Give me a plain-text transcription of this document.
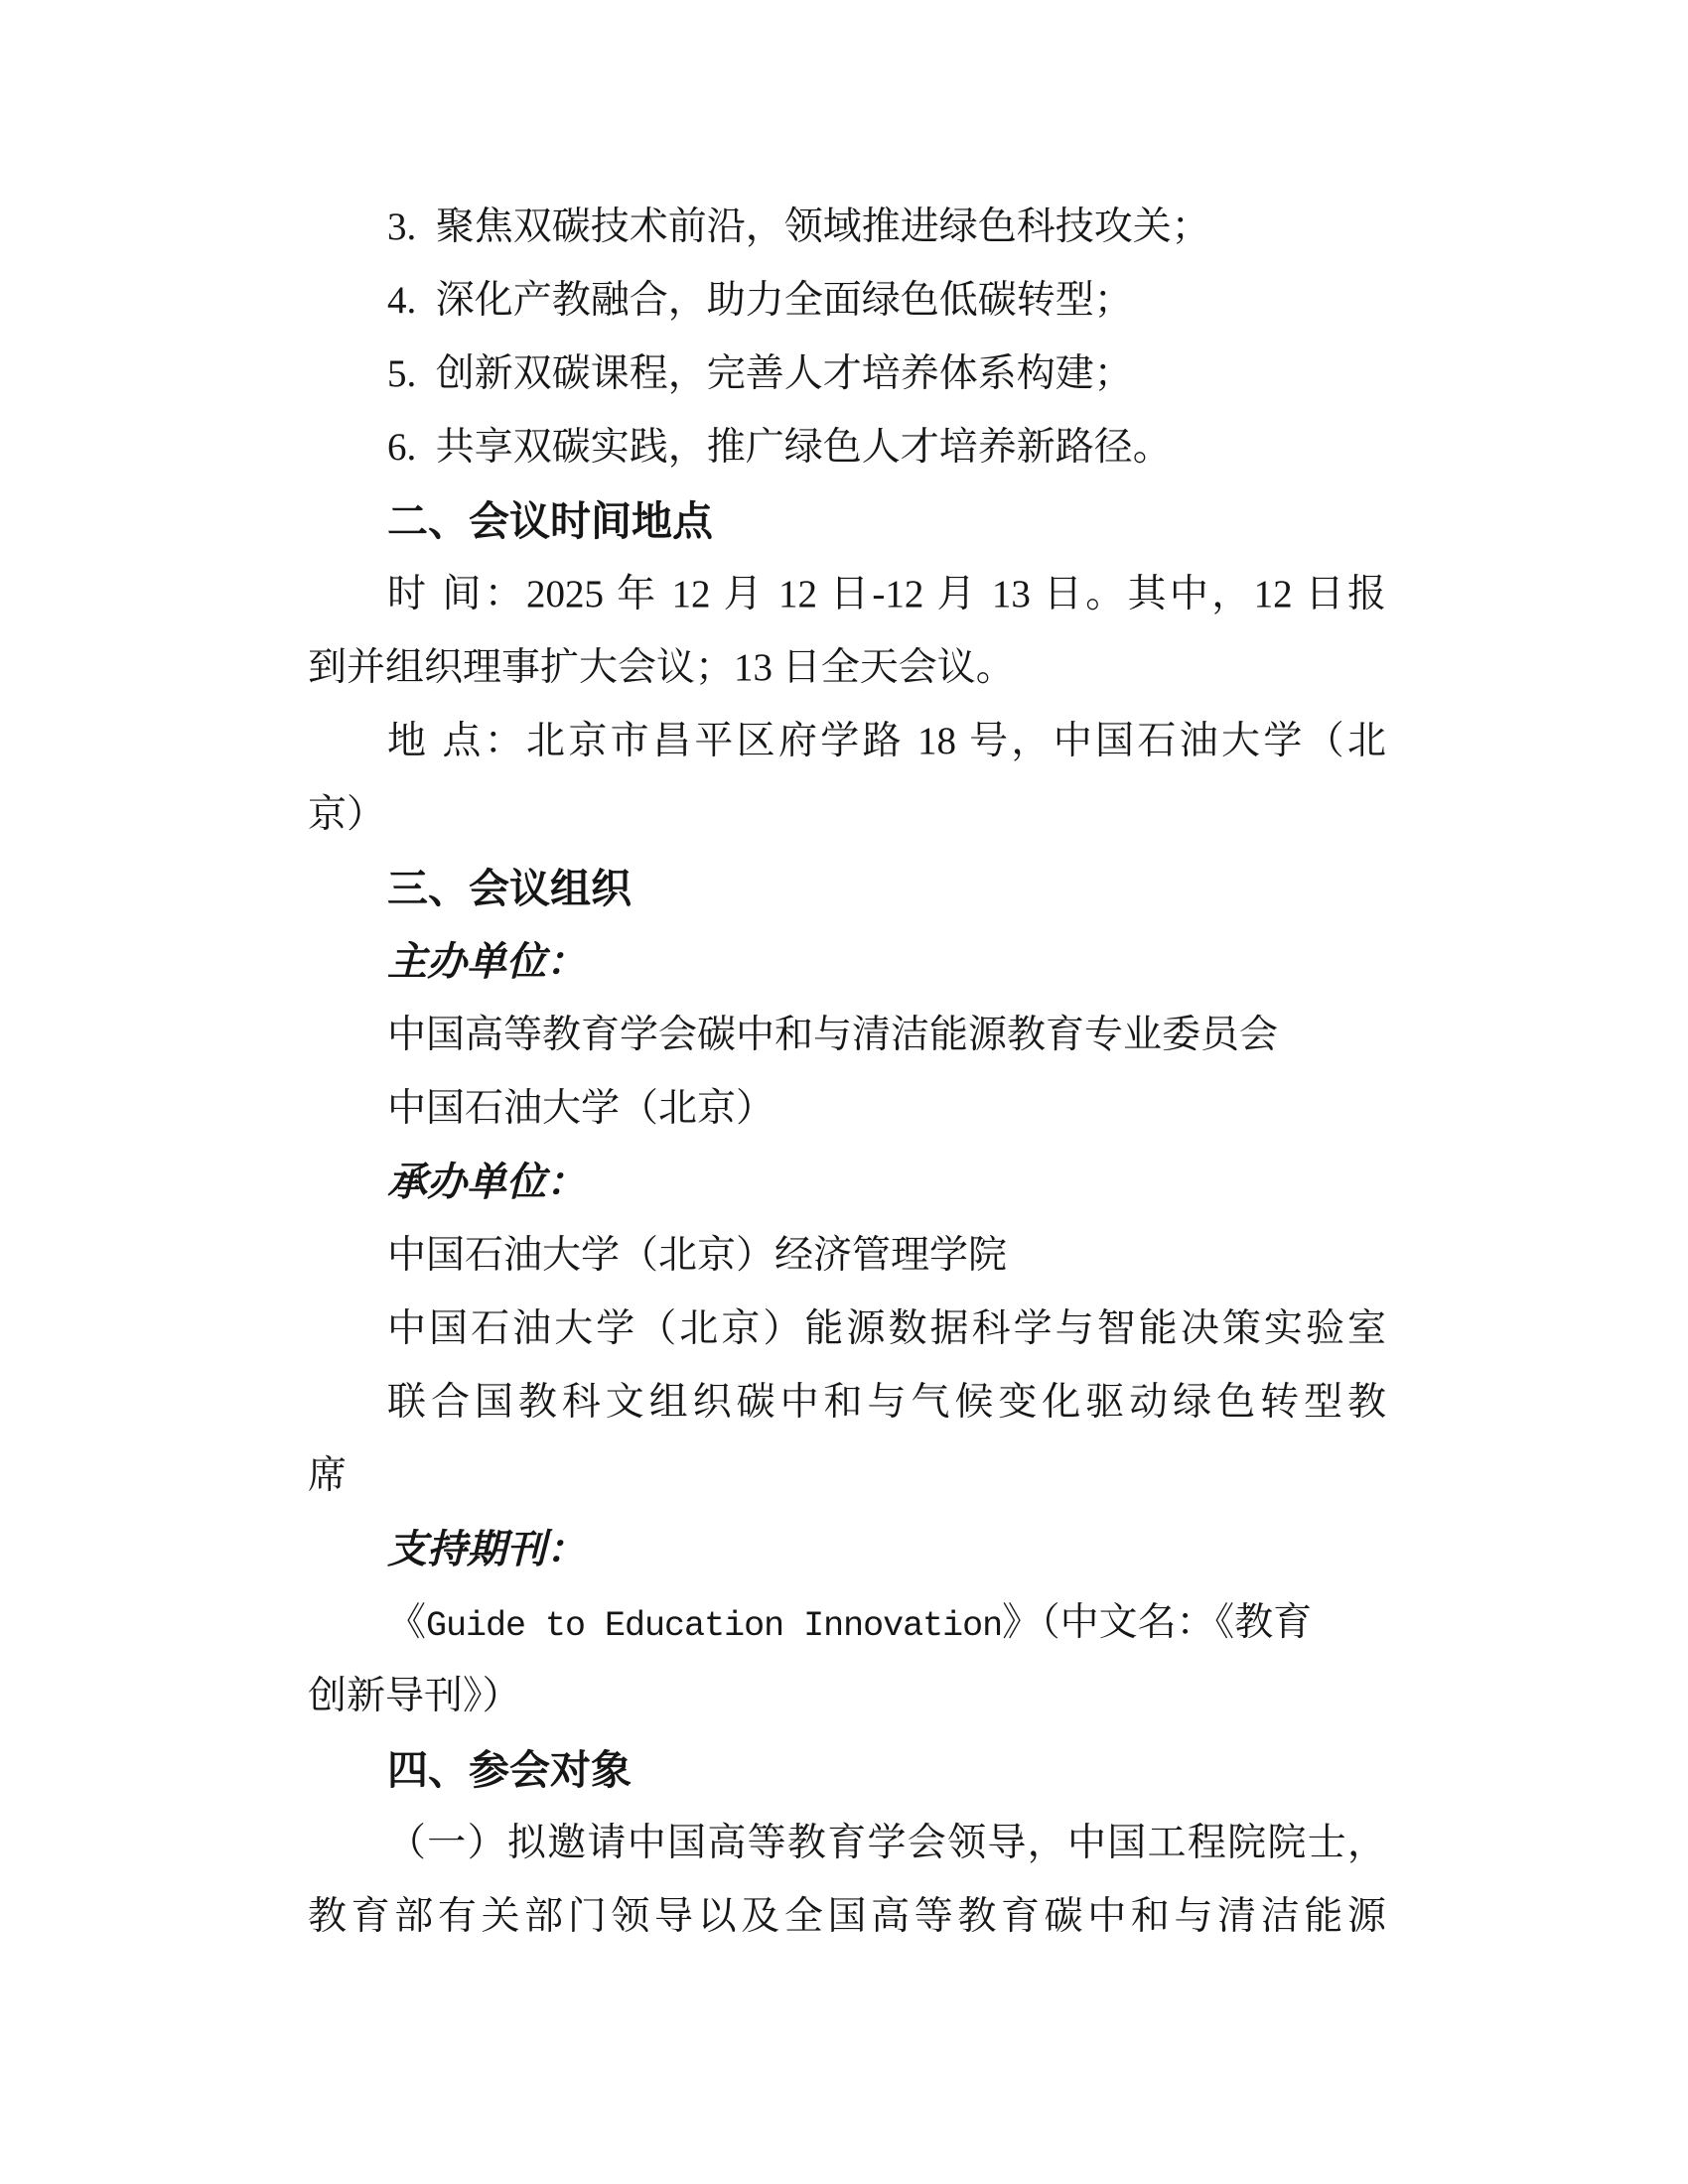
3.  聚焦双碳技术前沿，领域推进绿色科技攻关；
4.  深化产教融合，助力全面绿色低碳转型；
5.  创新双碳课程，完善人才培养体系构建；
6.  共享双碳实践，推广绿色人才培养新路径。
二、会议时间地点
时 间：2025 年 12 月 12 日-12 月 13 日。其中，12 日报
到并组织理事扩大会议；13 日全天会议。
地 点：北京市昌平区府学路 18 号，中国石油大学（北
京）
三、会议组织
主办单位：
中国高等教育学会碳中和与清洁能源教育专业委员会
中国石油大学（北京）
承办单位：
中国石油大学（北京）经济管理学院
中国石油大学（北京）能源数据科学与智能决策实验室
联合国教科文组织碳中和与气候变化驱动绿色转型教
席
支持期刊：
《Guide to Education Innovation》（中文名：《教育
创新导刊》）
四、参会对象
（一）拟邀请中国高等教育学会领导，中国工程院院士，
教育部有关部门领导以及全国高等教育碳中和与清洁能源
